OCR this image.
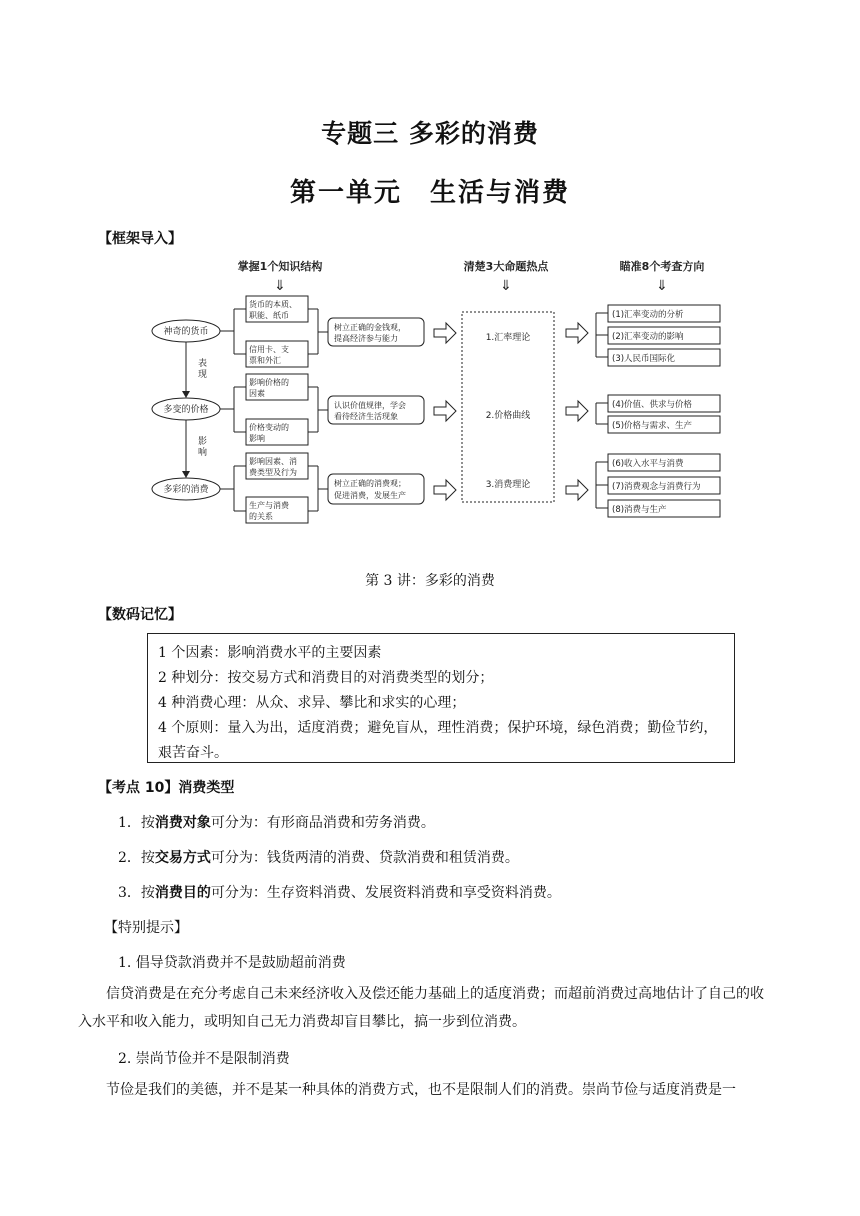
专题三 多彩的消费
第一单元　生活与消费
【框架导入】
掌握1个知识结构	清楚3大命题热点	瞄准8个考查方向
⇓	⇓	⇓
神奇的货币
多变的价格
多彩的消费
表
现
影
响
货币的本质、
职能、纸币
信用卡、支
票和外汇
影响价格的
因素
价格变动的
影响
影响因素、消
费类型及行为
生产与消费
的关系
树立正确的金钱观，
提高经济参与能力
认识价值规律，学会
看待经济生活现象
树立正确的消费观；
促进消费，发展生产
1.汇率理论
2.价格曲线
3.消费理论
(1)汇率变动的分析
(2)汇率变动的影响
(3)人民币国际化
(4)价值、供求与价格
(5)价格与需求、生产
(6)收入水平与消费
(7)消费观念与消费行为
(8)消费与生产
第 3 讲：多彩的消费
【数码记忆】

1 个因素：影响消费水平的主要因素

2 种划分：按交易方式和消费目的对消费类型的划分；

4 种消费心理：从众、求异、攀比和求实的心理；

4 个原则：量入为出，适度消费；避免盲从，理性消费；保护环境，绿色消费；勤俭节约，艰苦奋斗。

【考点 10】消费类型
1．按消费对象可分为：有形商品消费和劳务消费。
2．按交易方式可分为：钱货两清的消费、贷款消费和租赁消费。
3．按消费目的可分为：生存资料消费、发展资料消费和享受资料消费。
【特别提示】
1. 倡导贷款消费并不是鼓励超前消费
信贷消费是在充分考虑自己未来经济收入及偿还能力基础上的适度消费；而超前消费过高地估计了自己的收入水平和收入能力，或明知自己无力消费却盲目攀比，搞一步到位消费。
2. 崇尚节俭并不是限制消费
节俭是我们的美德，并不是某一种具体的消费方式，也不是限制人们的消费。崇尚节俭与适度消费是一
